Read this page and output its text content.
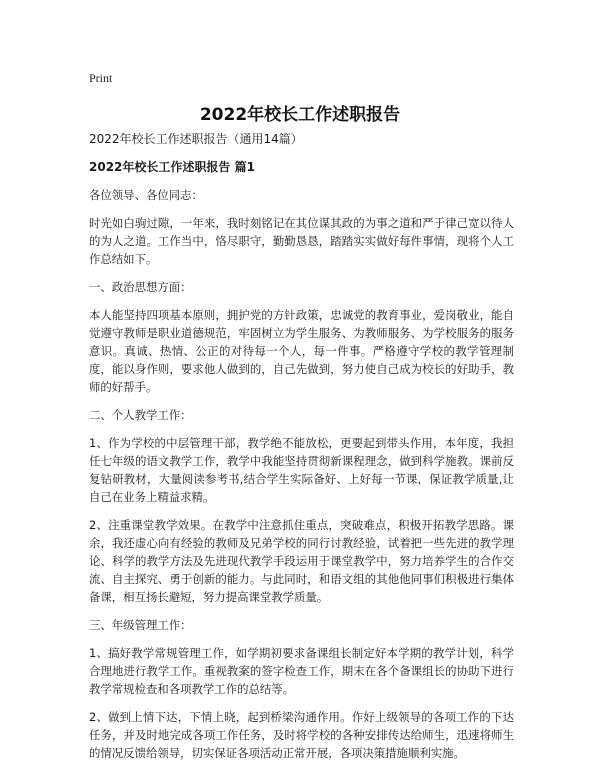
Print
2022年校长工作述职报告

2022年校长工作述职报告（通用14篇）

2022年校长工作述职报告 篇1

各位领导、各位同志：

时光如白驹过隙，一年来，我时刻铭记在其位谋其政的为事之道和严于律己宽以待人的为人之道。工作当中，恪尽职守，勤勤恳恳，踏踏实实做好每件事情，现将个人工作总结如下。

一、政治思想方面：

本人能坚持四项基本原则，拥护党的方针政策，忠诚党的教育事业，爱岗敬业，能自觉遵守教师是职业道德规范，牢固树立为学生服务、为教师服务、为学校服务的服务意识。真诚、热情、公正的对待每一个人，每一件事。严格遵守学校的教学管理制度，能以身作则，要求他人做到的，自己先做到，努力使自己成为校长的好助手，教师的好帮手。

二、个人教学工作：

1、作为学校的中层管理干部，教学绝不能放松，更要起到带头作用，本年度，我担任七年级的语文教学工作，教学中我能坚持贯彻新课程理念，做到科学施教。课前反复钻研教材，大量阅读参考书,结合学生实际备好、上好每一节课，保证教学质量,让自己在业务上精益求精。

2、注重课堂教学效果。在教学中注意抓住重点，突破难点，积极开拓教学思路。课余，我还虚心向有经验的教师及兄弟学校的同行讨教经验，试着把一些先进的教学理论、科学的教学方法及先进现代教学手段运用于课堂教学中，努力培养学生的合作交流、自主探究、勇于创新的能力。与此同时，和语文组的其他他同事们积极进行集体备课，相互扬长避短，努力提高课堂教学质量。

三、年级管理工作：

1、搞好教学常规管理工作，如学期初要求备课组长制定好本学期的教学计划，科学合理地进行教学工作。重视教案的签字检查工作，期末在各个备课组长的协助下进行教学常规检查和各项教学工作的总结等。

2、做到上情下达，下情上晓，起到桥梁沟通作用。作好上级领导的各项工作的下达任务，并及时地完成各项工作任务，及时将学校的各种安排传达给师生，迅速将师生的情况反馈给领导，切实保证各项活动正常开展，各项决策措施顺利实施。
